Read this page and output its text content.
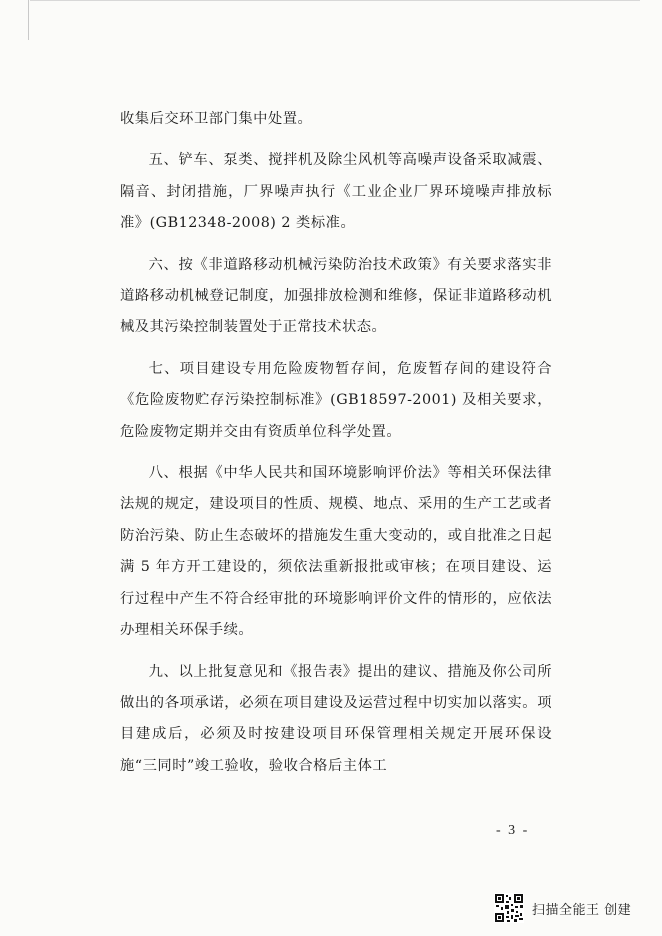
收集后交环卫部门集中处置。

五、铲车、泵类、搅拌机及除尘风机等高噪声设备采取减震、隔音、封闭措施，厂界噪声执行《工业企业厂界环境噪声排放标准》(GB12348-2008) 2 类标准。

六、按《非道路移动机械污染防治技术政策》有关要求落实非道路移动机械登记制度，加强排放检测和维修，保证非道路移动机械及其污染控制装置处于正常技术状态。

七、项目建设专用危险废物暂存间，危废暂存间的建设符合《危险废物贮存污染控制标准》(GB18597-2001) 及相关要求，危险废物定期并交由有资质单位科学处置。

八、根据《中华人民共和国环境影响评价法》等相关环保法律法规的规定，建设项目的性质、规模、地点、采用的生产工艺或者防治污染、防止生态破坏的措施发生重大变动的，或自批准之日起满 5 年方开工建设的，须依法重新报批或审核；在项目建设、运行过程中产生不符合经审批的环境影响评价文件的情形的，应依法办理相关环保手续。

九、以上批复意见和《报告表》提出的建议、措施及你公司所做出的各项承诺，必须在项目建设及运营过程中切实加以落实。项目建成后，必须及时按建设项目环保管理相关规定开展环保设施“三同时”竣工验收，验收合格后主体工

- 3 -
扫描全能王 创建
